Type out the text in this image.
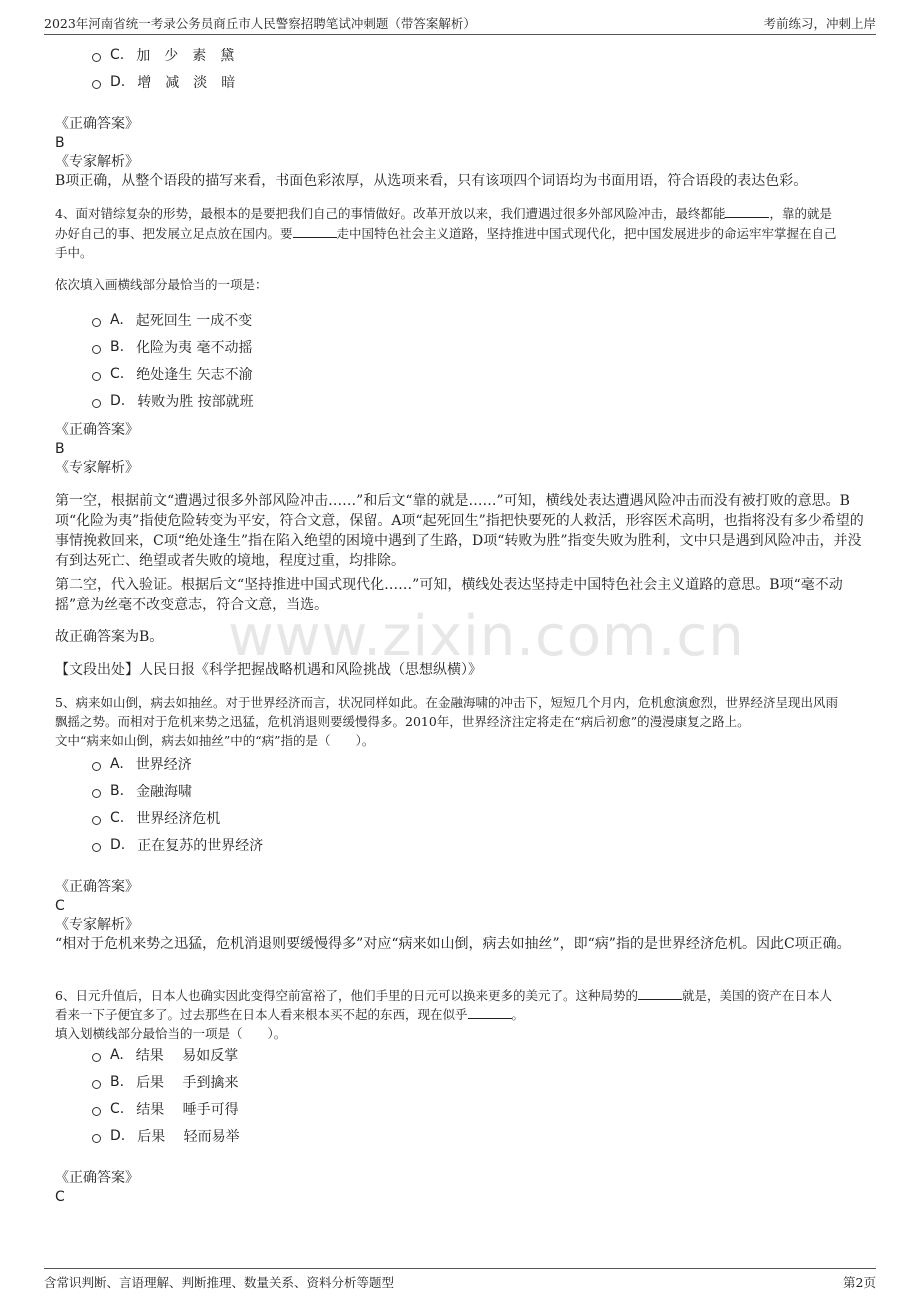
2023年河南省统一考录公务员商丘市人民警察招聘笔试冲刺题（带答案解析）	考前练习，冲刺上岸
C. 加　少　素　黛
D. 增　减　淡　暗
《正确答案》
B
《专家解析》
B项正确，从整个语段的描写来看，书面色彩浓厚，从选项来看，只有该项四个词语均为书面用语，符合语段的表达色彩。
4、面对错综复杂的形势，最根本的是要把我们自己的事情做好。改革开放以来，我们遭遇过很多外部风险冲击，最终都能	，靠的就是
办好自己的事、把发展立足点放在国内。要	走中国特色社会主义道路，坚持推进中国式现代化，把中国发展进步的命运牢牢掌握在自己
手中。
依次填入画横线部分最恰当的一项是：
A. 起死回生 一成不变
B. 化险为夷 毫不动摇
C. 绝处逢生 矢志不渝
D. 转败为胜 按部就班
《正确答案》
B
《专家解析》
第一空，根据前文“遭遇过很多外部风险冲击……”和后文“靠的就是……”可知，横线处表达遭遇风险冲击而没有被打败的意思。B项“化险为夷”指使危险转变为平安，符合文意，保留。A项“起死回生”指把快要死的人救活，形容医术高明，也指将没有多少希望的事情挽救回来，C项“绝处逢生”指在陷入绝望的困境中遇到了生路，D项“转败为胜”指变失败为胜利，文中只是遇到风险冲击，并没有到达死亡、绝望或者失败的境地，程度过重，均排除。
第二空，代入验证。根据后文“坚持推进中国式现代化……”可知，横线处表达坚持走中国特色社会主义道路的意思。B项“毫不动摇”意为丝毫不改变意志，符合文意，当选。
故正确答案为B。
【文段出处】人民日报《科学把握战略机遇和风险挑战（思想纵横）》
5、病来如山倒，病去如抽丝。对于世界经济而言，状况同样如此。在金融海啸的冲击下，短短几个月内，危机愈演愈烈，世界经济呈现出风雨
飘摇之势。而相对于危机来势之迅猛，危机消退则要缓慢得多。2010年，世界经济注定将走在“病后初愈”的漫漫康复之路上。
文中“病来如山倒，病去如抽丝”中的“病”指的是（　　）。
A. 世界经济
B. 金融海啸
C. 世界经济危机
D. 正在复苏的世界经济
《正确答案》
C
《专家解析》
“相对于危机来势之迅猛，危机消退则要缓慢得多”对应“病来如山倒，病去如抽丝”，即“病”指的是世界经济危机。因此C项正确。
6、日元升值后，日本人也确实因此变得空前富裕了，他们手里的日元可以换来更多的美元了。这种局势的	就是，美国的资产在日本人
看来一下子便宜多了。过去那些在日本人看来根本买不起的东西，现在似乎	。
填入划横线部分最恰当的一项是（　　）。
A. 结果　 易如反掌
B. 后果　 手到擒来
C. 结果　 唾手可得
D. 后果　 轻而易举
《正确答案》
C
www.zixin.com.cn
含常识判断、言语理解、判断推理、数量关系、资料分析等题型	第2页
